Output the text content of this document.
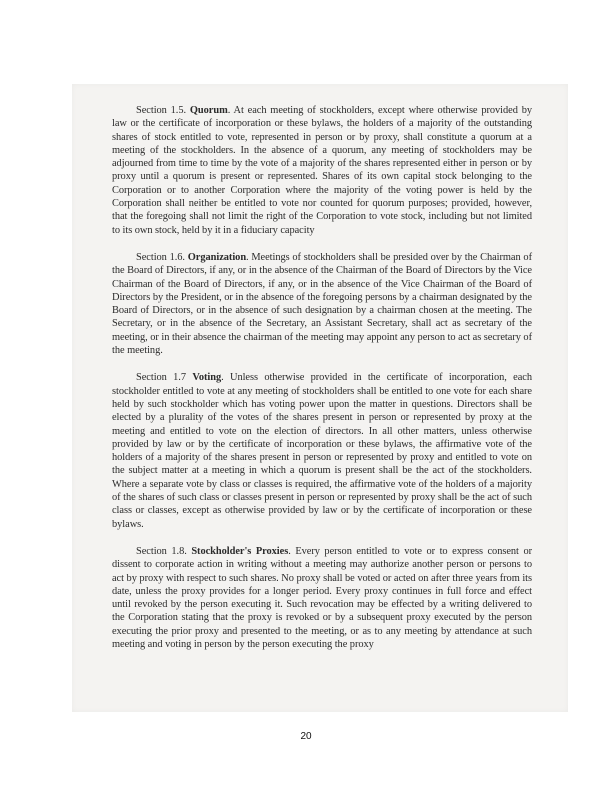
Section 1.5. Quorum. At each meeting of stockholders, except where otherwise provided by law or the certificate of incorporation or these bylaws, the holders of a majority of the outstanding shares of stock entitled to vote, represented in person or by proxy, shall constitute a quorum at a meeting of the stockholders. In the absence of a quorum, any meeting of stockholders may be adjourned from time to time by the vote of a majority of the shares represented either in person or by proxy until a quorum is present or represented. Shares of its own capital stock belonging to the Corporation or to another Corporation where the majority of the voting power is held by the Corporation shall neither be entitled to vote nor counted for quorum purposes; provided, however, that the foregoing shall not limit the right of the Corporation to vote stock, including but not limited to its own stock, held by it in a fiduciary capacity

Section 1.6. Organization. Meetings of stockholders shall be presided over by the Chairman of the Board of Directors, if any, or in the absence of the Chairman of the Board of Directors by the Vice Chairman of the Board of Directors, if any, or in the absence of the Vice Chairman of the Board of Directors by the President, or in the absence of the foregoing persons by a chairman designated by the Board of Directors, or in the absence of such designation by a chairman chosen at the meeting. The Secretary, or in the absence of the Secretary, an Assistant Secretary, shall act as secretary of the meeting, or in their absence the chairman of the meeting may appoint any person to act as secretary of the meeting.

Section 1.7 Voting. Unless otherwise provided in the certificate of incorporation, each stockholder entitled to vote at any meeting of stockholders shall be entitled to one vote for each share held by such stockholder which has voting power upon the matter in questions. Directors shall be elected by a plurality of the votes of the shares present in person or represented by proxy at the meeting and entitled to vote on the election of directors. In all other matters, unless otherwise provided by law or by the certificate of incorporation or these bylaws, the affirmative vote of the holders of a majority of the shares present in person or represented by proxy and entitled to vote on the subject matter at a meeting in which a quorum is present shall be the act of the stockholders. Where a separate vote by class or classes is required, the affirmative vote of the holders of a majority of the shares of such class or classes present in person or represented by proxy shall be the act of such class or classes, except as otherwise provided by law or by the certificate of incorporation or these bylaws.

Section 1.8. Stockholder's Proxies. Every person entitled to vote or to express consent or dissent to corporate action in writing without a meeting may authorize another person or persons to act by proxy with respect to such shares. No proxy shall be voted or acted on after three years from its date, unless the proxy provides for a longer period. Every proxy continues in full force and effect until revoked by the person executing it. Such revocation may be effected by a writing delivered to the Corporation stating that the proxy is revoked or by a subsequent proxy executed by the person executing the prior proxy and presented to the meeting, or as to any meeting by attendance at such meeting and voting in person by the person executing the proxy

20
